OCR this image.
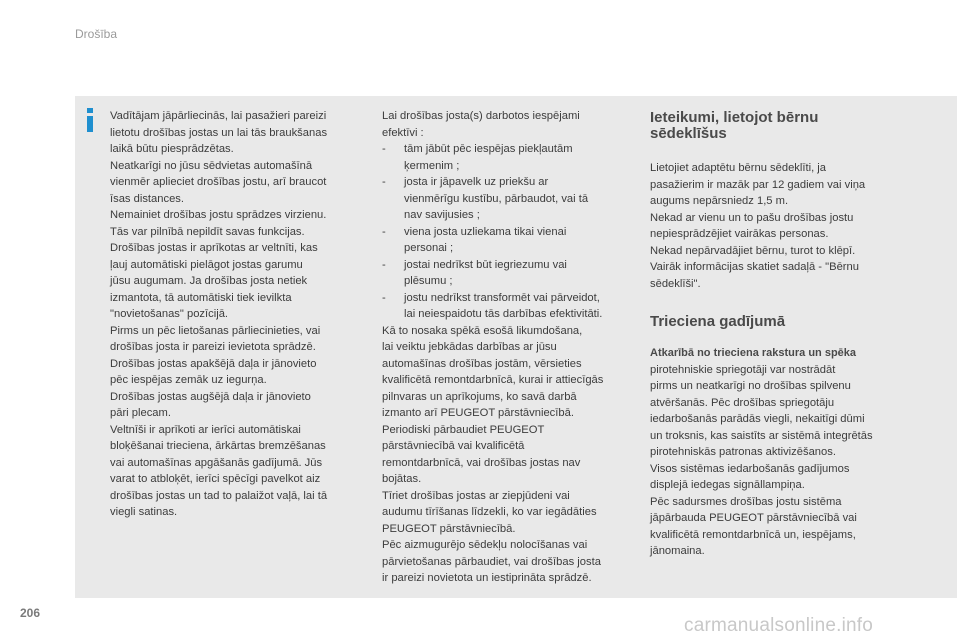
Drošība

Vadītājam jāpārliecinās, lai pasažieri pareizi

lietotu drošības jostas un lai tās braukšanas

laikā būtu piesprādzētas.

Neatkarīgi no jūsu sēdvietas automašīnā

vienmēr aplieciet drošības jostu, arī braucot

īsas distances.

Nemainiet drošības jostu sprādzes virzienu.

Tās var pilnībā nepildīt savas funkcijas.

Drošības jostas ir aprīkotas ar veltnīti, kas

ļauj automātiski pielāgot jostas garumu

jūsu augumam. Ja drošības josta netiek

izmantota, tā automātiski tiek ievilkta

"novietošanas" pozīcijā.

Pirms un pēc lietošanas pārliecinieties, vai

drošības josta ir pareizi ievietota sprādzē.

Drošības jostas apakšējā daļa ir jānovieto

pēc iespējas zemāk uz iegurņa.

Drošības jostas augšējā daļa ir jānovieto

pāri plecam.

Veltnīši ir aprīkoti ar ierīci automātiskai

bloķēšanai trieciena, ārkārtas bremzēšanas

vai automašīnas apgāšanās gadījumā. Jūs

varat to atbloķēt, ierīci spēcīgi pavelkot aiz

drošības jostas un tad to palaižot vaļā, lai tā

viegli satinas.

Lai drošības josta(s) darbotos iespējami

efektīvi :

-	tām jābūt pēc iespējas piekļautām

ķermenim ;

-	josta ir jāpavelk uz priekšu ar

vienmērīgu kustību, pārbaudot, vai tā

nav savijusies ;

-	viena josta uzliekama tikai vienai

personai ;

-	jostai nedrīkst būt iegriezumu vai

plēsumu ;

-	jostu nedrīkst transformēt vai pārveidot,

lai neiespaidotu tās darbības efektivitāti.

Kā to nosaka spēkā esošā likumdošana,

lai veiktu jebkādas darbības ar jūsu

automašīnas drošības jostām, vērsieties

kvalificētā remontdarbnīcā, kurai ir attiecīgās

pilnvaras un aprīkojums, ko savā darbā

izmanto arī PEUGEOT pārstāvniecībā.

Periodiski pārbaudiet PEUGEOT

pārstāvniecībā vai kvalificētā

remontdarbnīcā, vai drošības jostas nav

bojātas.

Tīriet drošības jostas ar ziepjūdeni vai

audumu tīrīšanas līdzekli, ko var iegādāties

PEUGEOT pārstāvniecībā.

Pēc aizmugurējo sēdekļu nolocīšanas vai

pārvietošanas pārbaudiet, vai drošības josta

ir pareizi novietota un iestiprināta sprādzē.

Ieteikumi, lietojot bērnu
sēdeklīšus

Lietojiet adaptētu bērnu sēdeklīti, ja

pasažierim ir mazāk par 12 gadiem vai viņa

augums nepārsniedz 1,5 m.

Nekad ar vienu un to pašu drošības jostu

nepiesprādzējiet vairākas personas.

Nekad nepārvadājiet bērnu, turot to klēpī.

Vairāk informācijas skatiet sadaļā - "Bērnu

sēdeklīši".

Trieciena gadījumā

Atkarībā no trieciena rakstura un spēka

pirotehniskie spriegotāji var nostrādāt

pirms un neatkarīgi no drošības spilvenu

atvēršanās. Pēc drošības spriegotāju

iedarbošanās parādās viegli, nekaitīgi dūmi

un troksnis, kas saistīts ar sistēmā integrētās

pirotehniskās patronas aktivizēšanos.

Visos sistēmas iedarbošanās gadījumos

displejā iedegas signāllampiņa.

Pēc sadursmes drošības jostu sistēma

jāpārbauda PEUGEOT pārstāvniecībā vai

kvalificētā remontdarbnīcā un, iespējams,

jānomaina.

206
carmanualsonline.info
